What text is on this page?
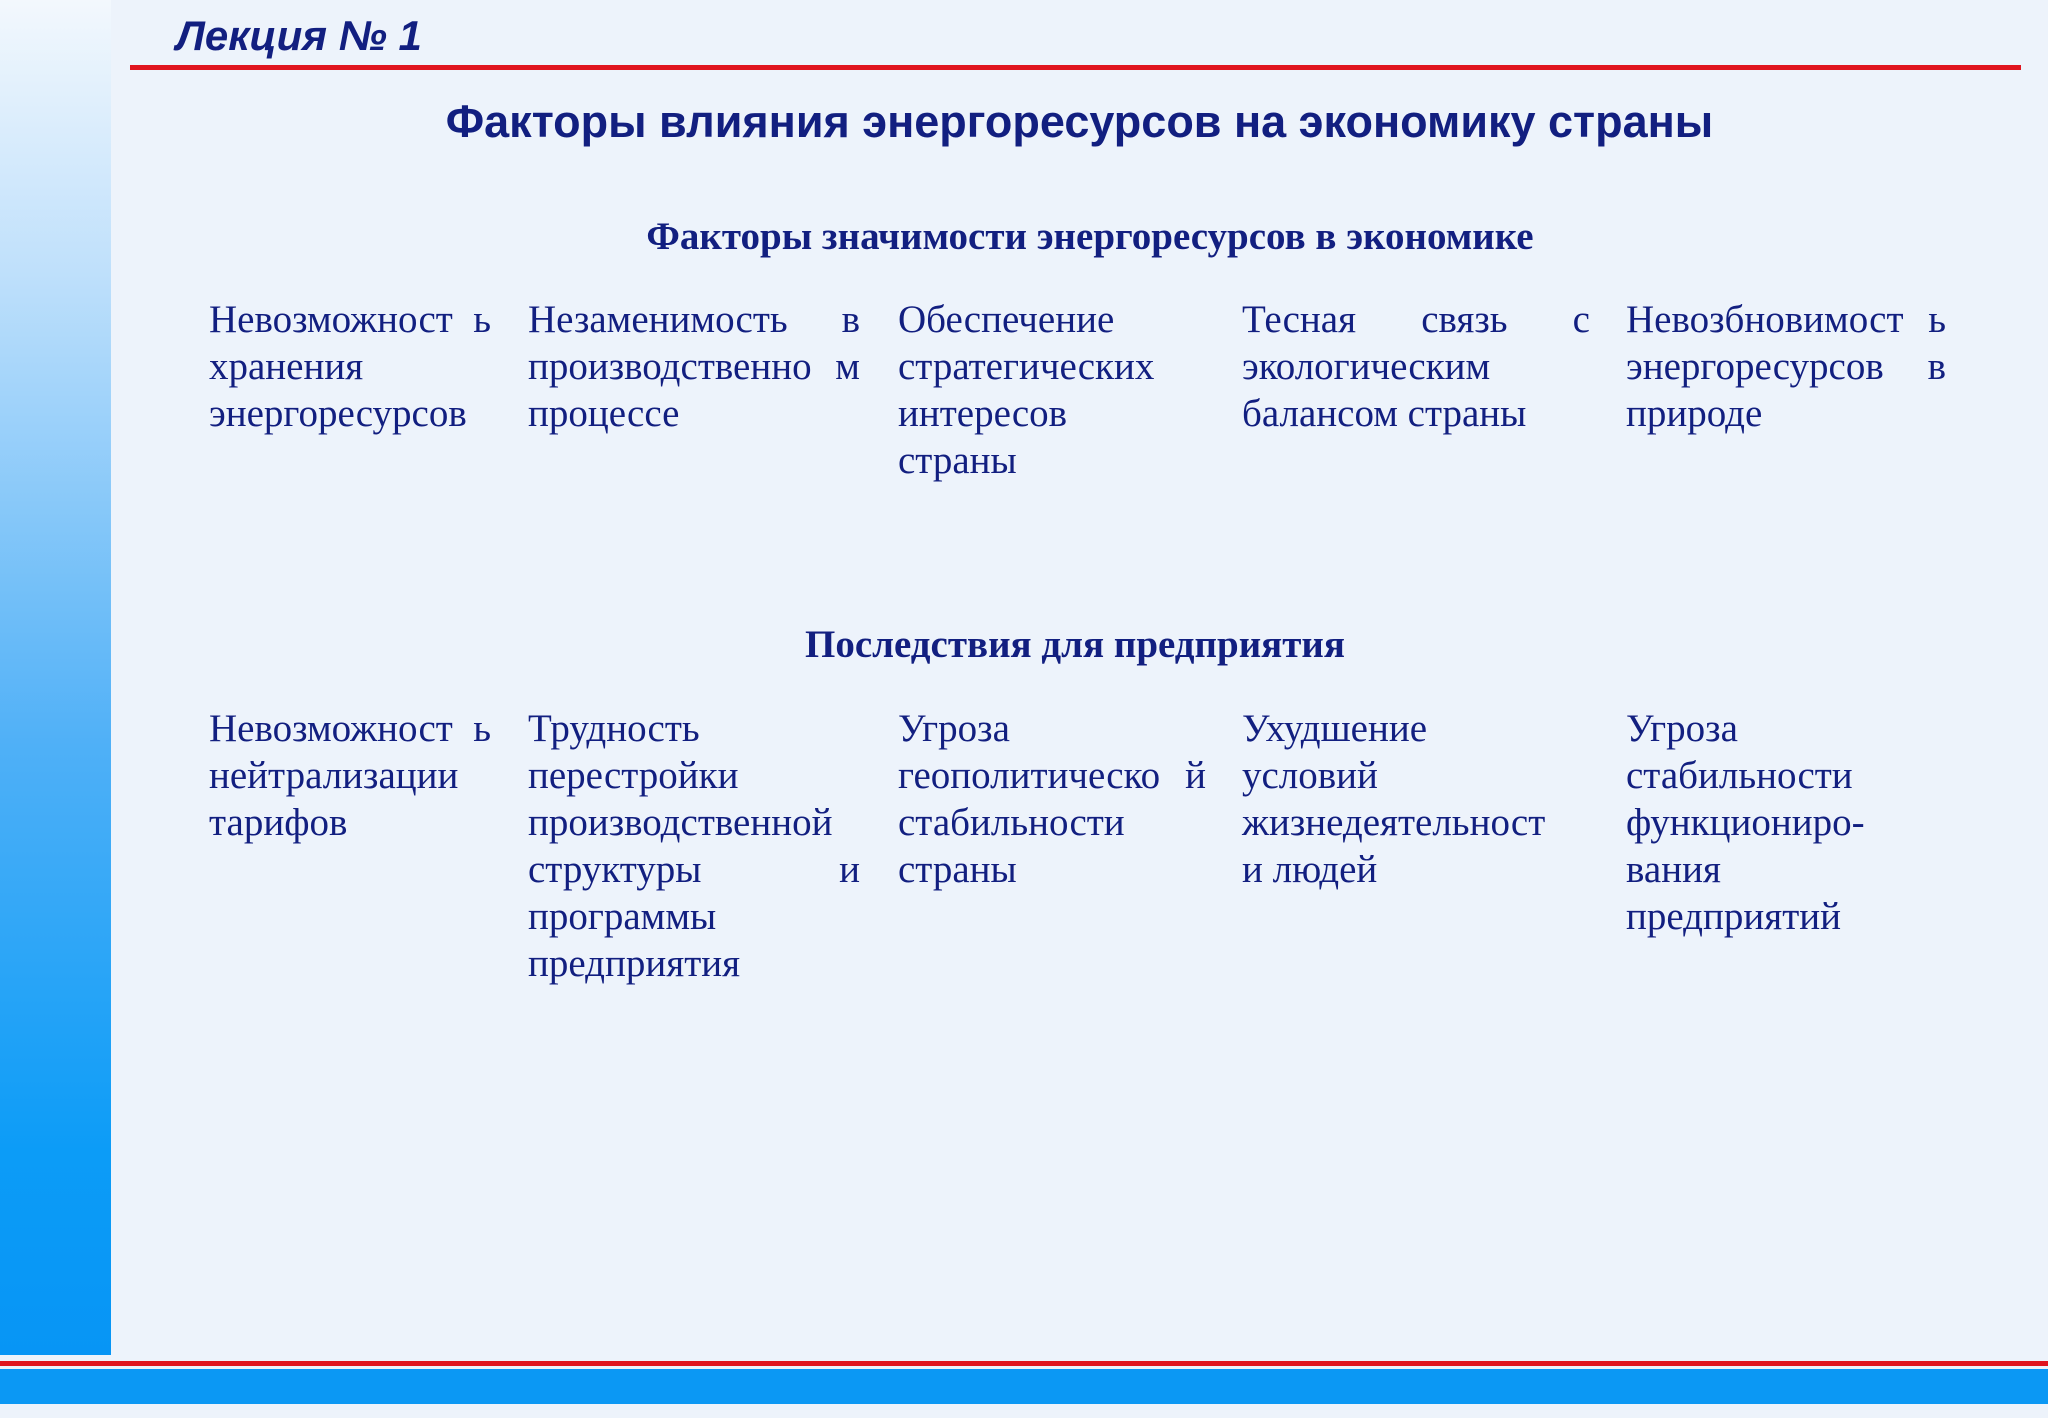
Лекция № 1
Факторы влияния энергоресурсов на экономику страны
Факторы значимости энергоресурсов в экономике

Невозможност ь хранения энергоресурсов

Незаменимость в производственно м процессе

Обеспечение стратегических интересов страны

Тесная связь с экологическим балансом страны

Невозбновимост ь энергоресурсов в природе

Последствия для предприятия

Невозможност ь нейтрализации тарифов

Трудность перестройки производственной структуры и программы предприятия

Угроза геополитическо й стабильности страны

Ухудшение условий жизнедеятельност и людей

Угроза стабильности функциониро-вания предприятий
